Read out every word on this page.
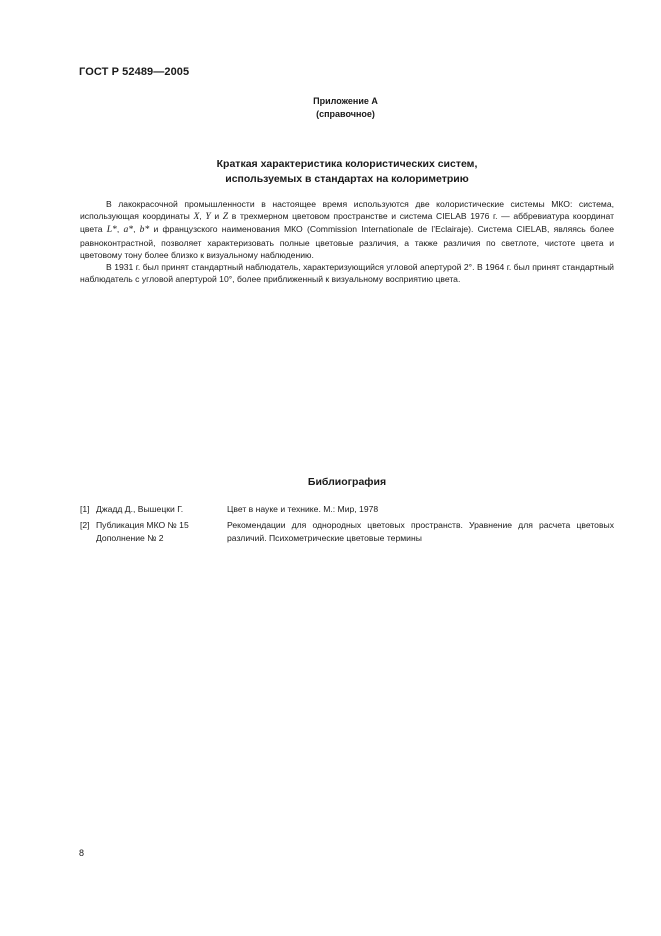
ГОСТ Р 52489—2005
Приложение А
(справочное)
Краткая характеристика колористических систем,
используемых в стандартах на колориметрию

В лакокрасочной промышленности в настоящее время используются две колористические системы МКО: система, использующая координаты X, Y и Z в трехмерном цветовом пространстве и система CIELAB 1976 г. — аббревиатура координат цвета L*, a*, b* и французского наименования МКО (Commission Internationale de l’Eclairaje). Система CIELAB, являясь более равноконтрастной, позволяет характеризовать полные цветовые различия, а также различия по светлоте, чистоте цвета и цветовому тону более близко к визуальному наблюдению.

В 1931 г. был принят стандартный наблюдатель, характеризующийся угловой апертурой 2°. В 1964 г. был принят стандартный наблюдатель с угловой апертурой 10°, более приближенный к визуальному восприятию цвета.

Библиография
[1] Джадд Д., Вышецки Г.	Цвет в науке и технике. М.: Мир, 1978
[2] Публикация МКО № 15
Дополнение № 2
Рекомендации для однородных цветовых пространств. Уравнение для расчета цветовых различий. Психометрические цветовые термины
8
